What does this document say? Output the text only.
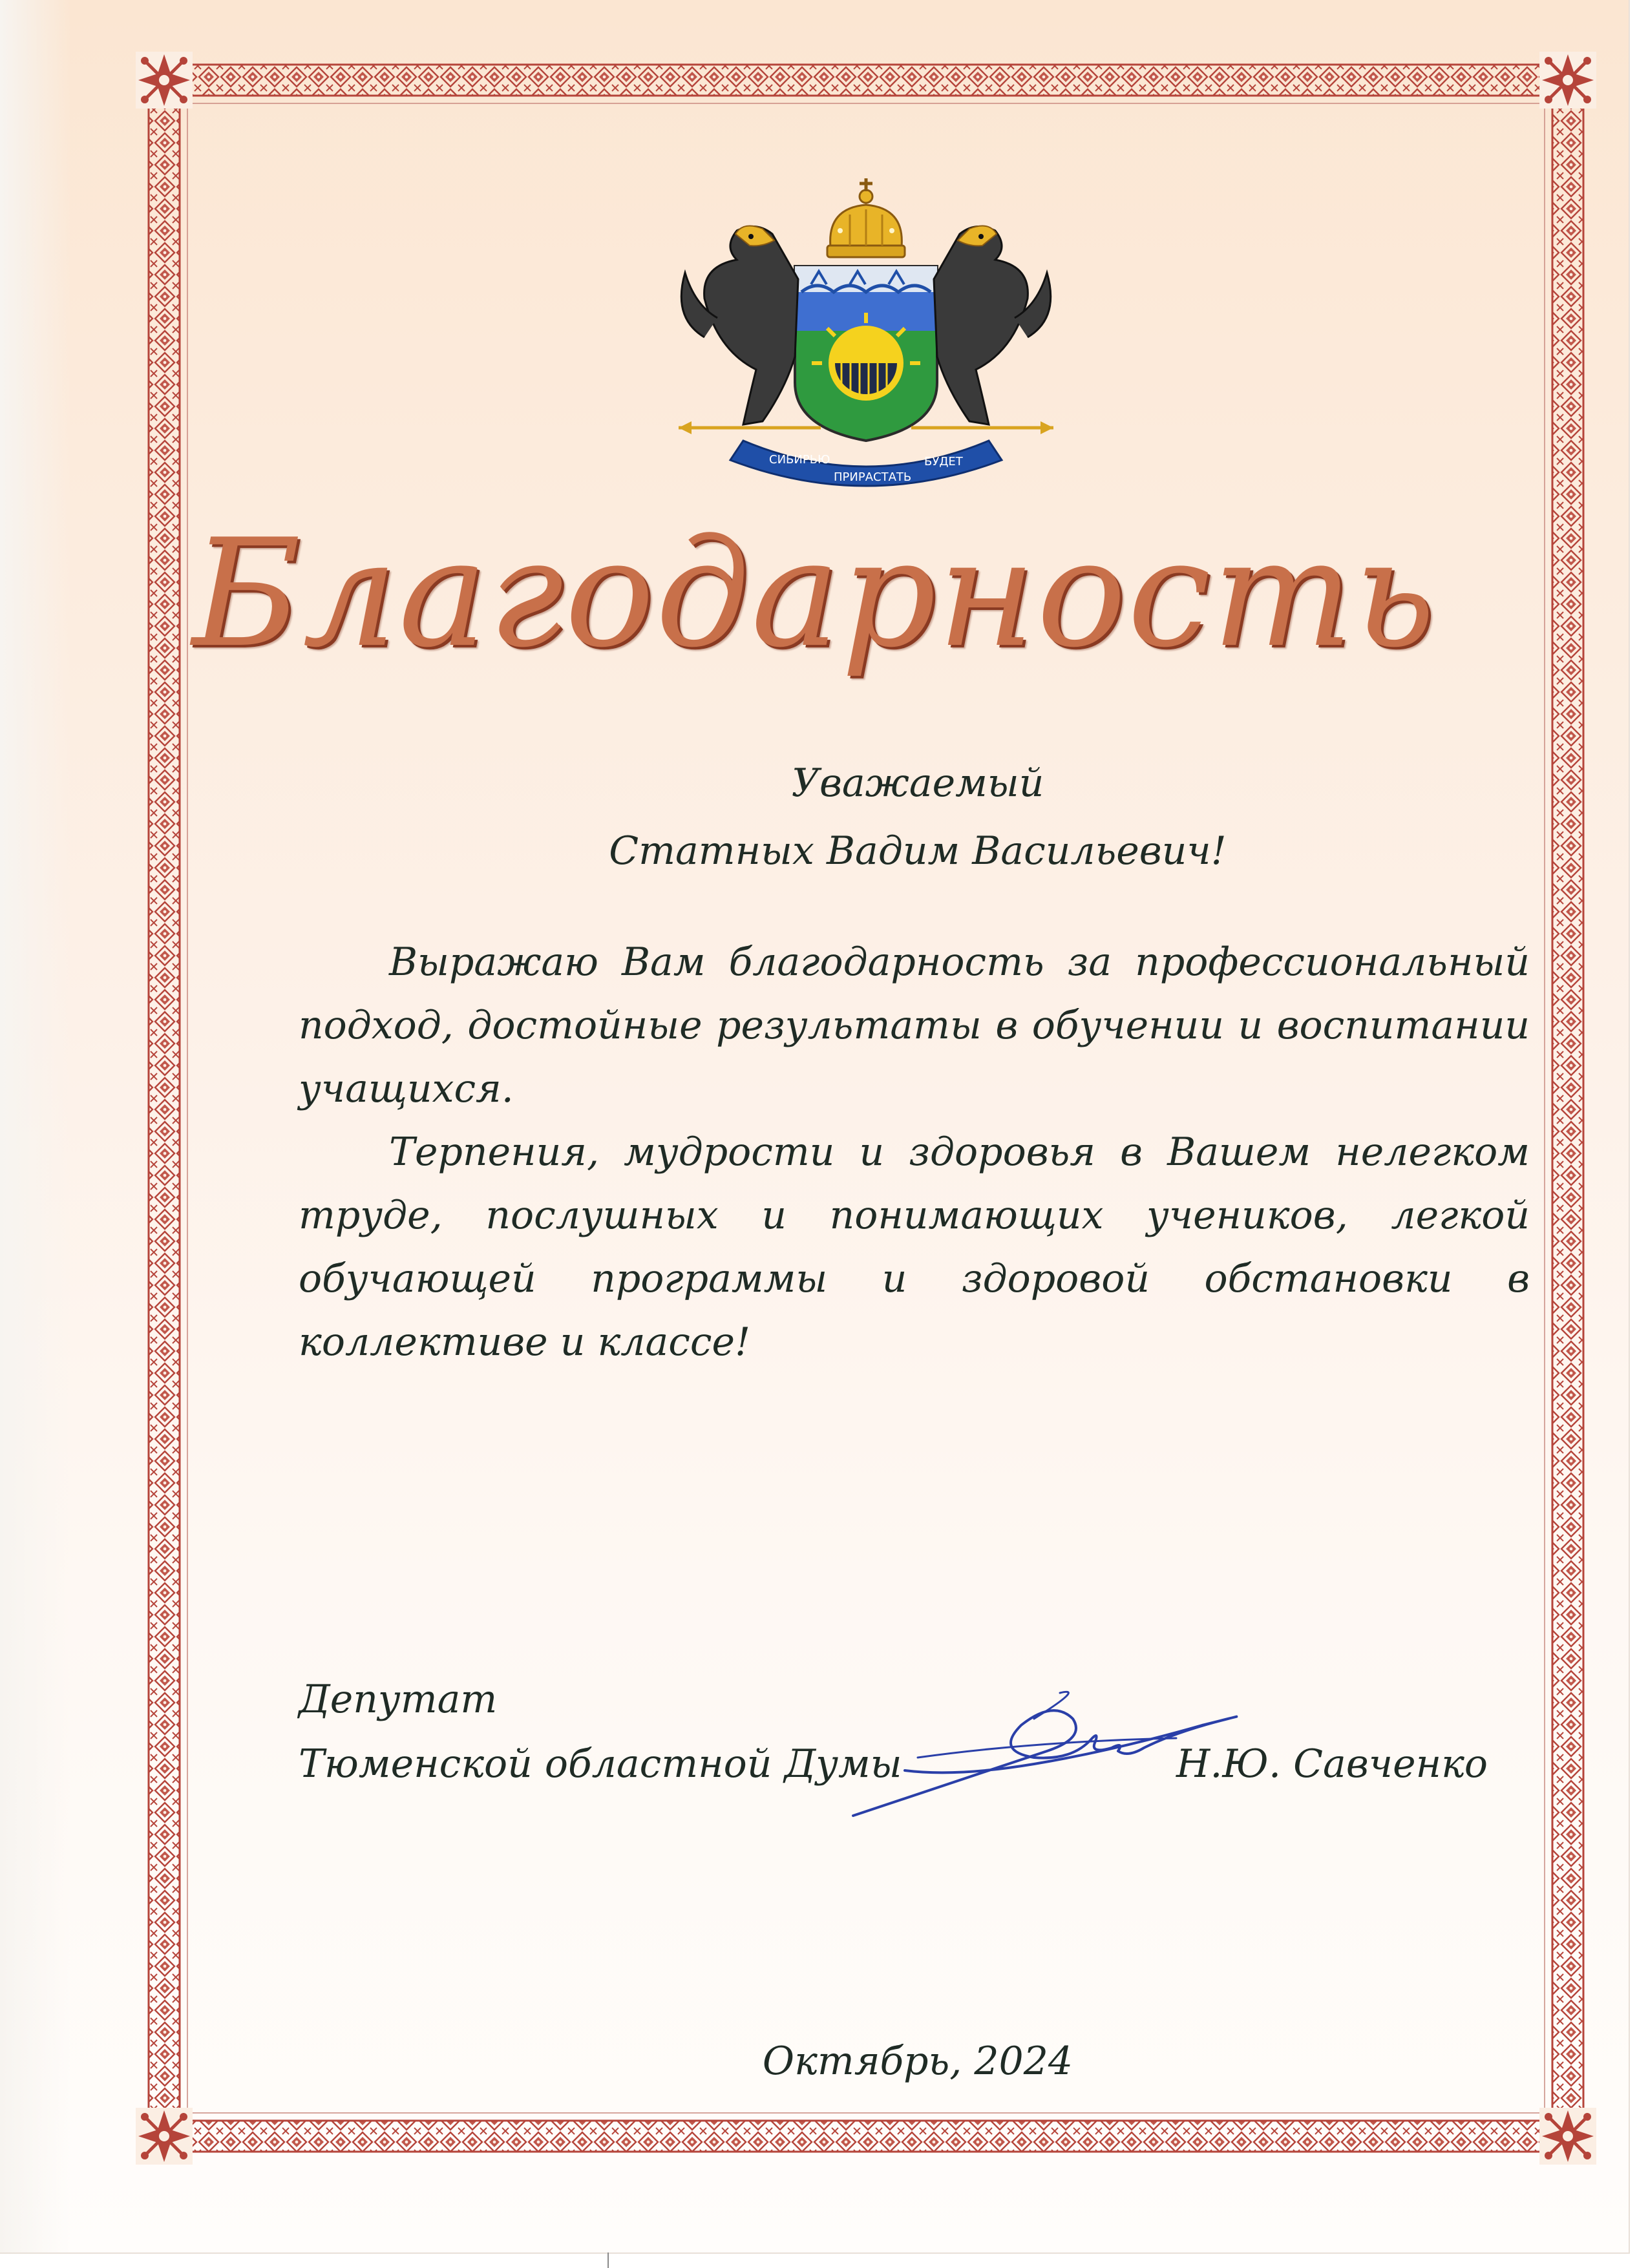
СИБИРЬЮ
ПРИРАСТАТЬ
БУДЕТ
Благодарность
Уважаемый
Статных Вадим Васильевич!

Выражаю Вам благодарность за профессиональный подход, достойные результаты в обучении и воспитании учащихся.

Терпения, мудрости и здоровья в Вашем нелегком труде, послушных и понимающих учеников, легкой обучающей программы и здоровой обстановки в коллективе и классе!

Депутат
Тюменской областной Думы	Н.Ю. Савченко
Октябрь, 2024
